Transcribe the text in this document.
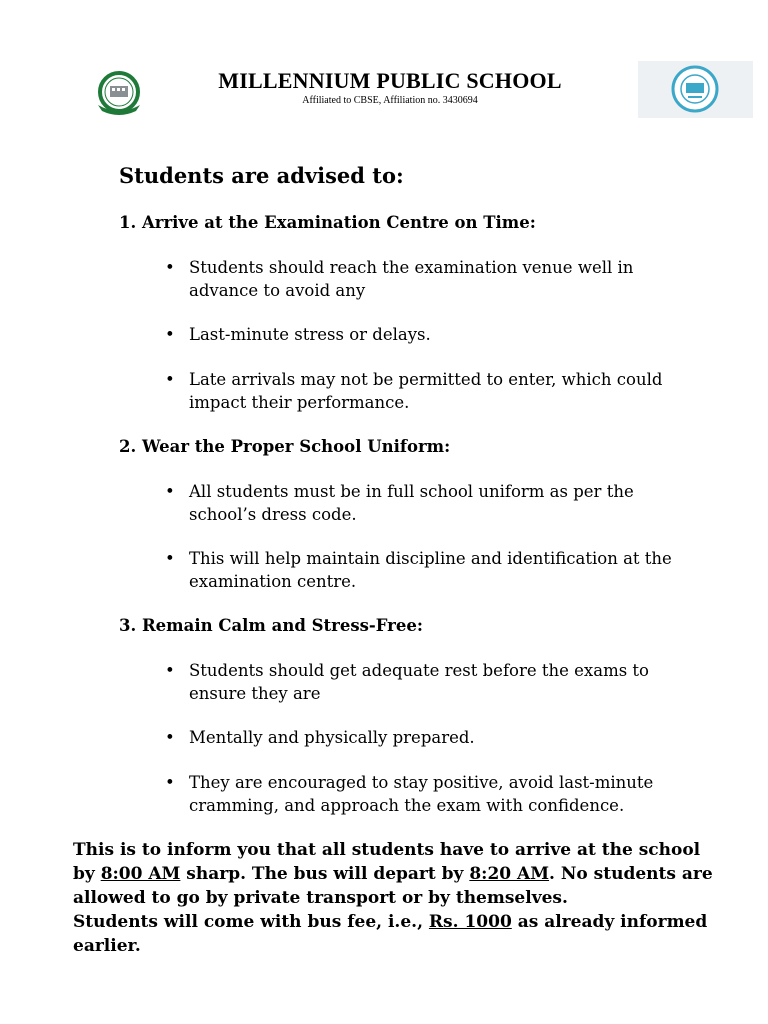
MILLENNIUM PUBLIC SCHOOL
Affiliated to CBSE, Affiliation no. 3430694
Students are advised to:
1. Arrive at the Examination Centre on Time:
• Students should reach the examination venue well in advance to avoid any
• Last-minute stress or delays.
• Late arrivals may not be permitted to enter, which could impact their performance.
2. Wear the Proper School Uniform:
• All students must be in full school uniform as per the school’s dress code.
• This will help maintain discipline and identification at the examination centre.
3. Remain Calm and Stress-Free:
• Students should get adequate rest before the exams to ensure they are
• Mentally and physically prepared.
• They are encouraged to stay positive, avoid last-minute cramming, and approach the exam with confidence.
This is to inform you that all students have to arrive at the school by 8:00 AM sharp. The bus will depart by 8:20 AM. No students are allowed to go by private transport or by themselves.
Students will come with bus fee, i.e., Rs. 1000 as already informed earlier.
